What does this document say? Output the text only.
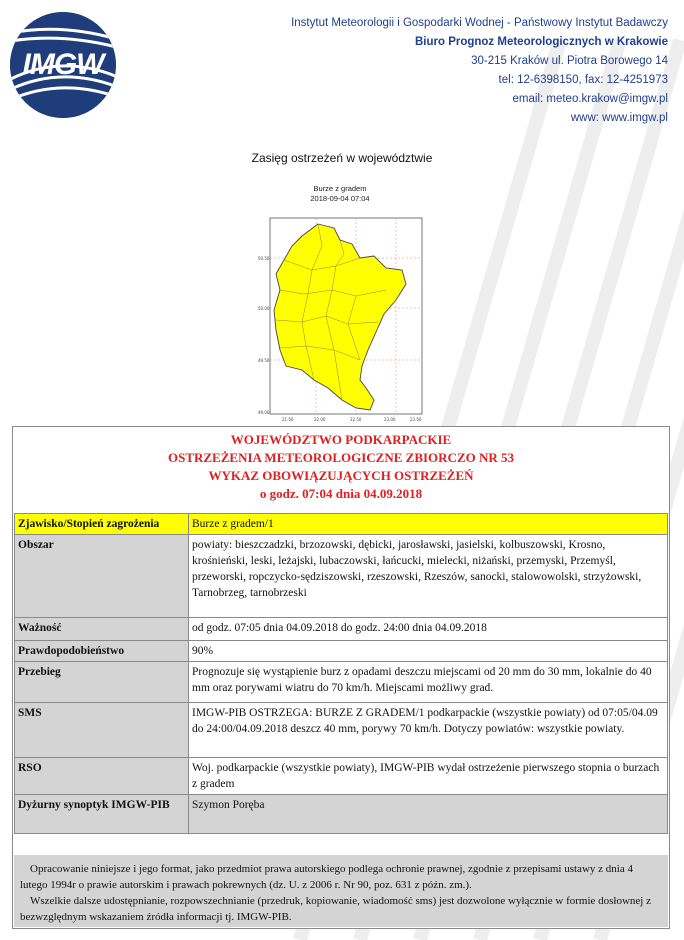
IMGW
Instytut Meteorologii i Gospodarki Wodnej - Państwowy Instytut Badawczy
Biuro Prognoz Meteorologicznych w Krakowie
30-215 Kraków ul. Piotra Borowego 14
tel: 12-6398150, fax: 12-4251973
email: meteo.krakow@imgw.pl
www: www.imgw.pl
Zasięg ostrzeżeń w województwie
Burze z gradem
2018-09-04 07:04
50.50
50.00
49.50
49.00
21.50	22.00	22.50	23.00	23.50
WOJEWÓDZTWO PODKARPACKIE
OSTRZEŻENIA METEOROLOGICZNE ZBIORCZO NR 53
WYKAZ OBOWIĄZUJĄCYCH OSTRZEŻEŃ
o godz. 07:04 dnia 04.09.2018
Zjawisko/Stopień zagrożenia	Burze z gradem/1
Obszar	powiaty: bieszczadzki, brzozowski, dębicki, jarosławski, jasielski, kolbuszowski, Krosno, krośnieński, leski, leżajski, lubaczowski, łańcucki, mielecki, niżański, przemyski, Przemyśl, przeworski, ropczycko-sędziszowski, rzeszowski, Rzeszów, sanocki, stalowowolski, strzyżowski, Tarnobrzeg, tarnobrzeski
Ważność	od godz. 07:05 dnia 04.09.2018 do godz. 24:00 dnia 04.09.2018
Prawdopodobieństwo	90%
Przebieg	Prognozuje się wystąpienie burz z opadami deszczu miejscami od 20 mm do 30 mm, lokalnie do 40 mm oraz porywami wiatru do 70 km/h. Miejscami możliwy grad.
SMS	IMGW-PIB OSTRZEGA: BURZE Z GRADEM/1 podkarpackie (wszystkie powiaty) od 07:05/04.09 do 24:00/04.09.2018 deszcz 40 mm, porywy 70 km/h. Dotyczy powiatów: wszystkie powiaty.
RSO	Woj. podkarpackie (wszystkie powiaty), IMGW-PIB wydał ostrzeżenie pierwszego stopnia o burzach z gradem
Dyżurny synoptyk IMGW-PIB	Szymon Poręba

Opracowanie niniejsze i jego format, jako przedmiot prawa autorskiego podlega ochronie prawnej, zgodnie z przepisami ustawy z dnia 4 lutego 1994r o prawie autorskim i prawach pokrewnych (dz. U. z 2006 r. Nr 90, poz. 631 z późn. zm.).

Wszelkie dalsze udostępnianie, rozpowszechnianie (przedruk, kopiowanie, wiadomość sms) jest dozwolone wyłącznie w formie dosłownej z bezwzględnym wskazaniem źródła informacji tj. IMGW-PIB.
